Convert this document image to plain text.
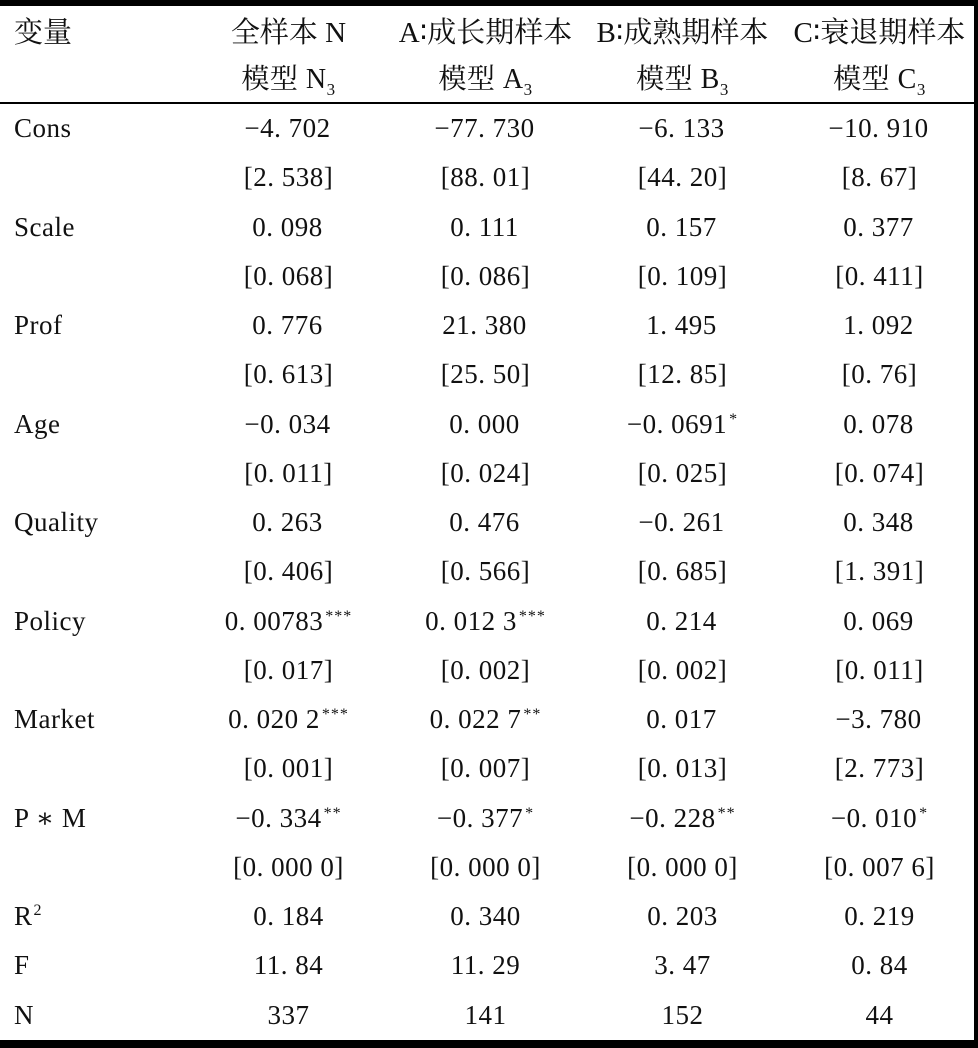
变量	全样本 N	A∶成长期样本 B∶成熟期样本 C∶衰退期样本
模型 $N_3$	模型 $A_3$	模型 $B_3$	模型 $C_3$
Cons	−4. 702	−77. 730	−6. 133	−10. 910
[2. 538]	[88. 01]	[44. 20]	[8. 67]
Scale	0. 098	0. 111	0. 157	0. 377
[0. 068]	[0. 086]	[0. 109]	[0. 411]
Prof	0. 776	21. 380	1. 495	1. 092
[0. 613]	[25. 50]	[12. 85]	[0. 76]
Age	−0. 034	0. 000	−0. 0691 *	0. 078
[0. 011]	[0. 024]	[0. 025]	[0. 074]
Quality	0. 263	0. 476	−0. 261	0. 348
[0. 406]	[0. 566]	[0. 685]	[1. 391]
Policy	0. 00783 ***	0. 012 3 ***	0. 214	0. 069
[0. 017]	[0. 002]	[0. 002]	[0. 011]
Market	0. 020 2 ***	0. 022 7 **	0. 017	−3. 780
[0. 001]	[0. 007]	[0. 013]	[2. 773]
P ∗ M	−0. 334 **	−0. 377 *	−0. 228 **	−0. 010 *
[0. 000 0]	[0. 000 0]	[0. 000 0]	[0. 007 6]
$R^2$	0. 184	0. 340	0. 203	0. 219
F	11. 84	11. 29	3. 47	0. 84
N	337	141	152	44
